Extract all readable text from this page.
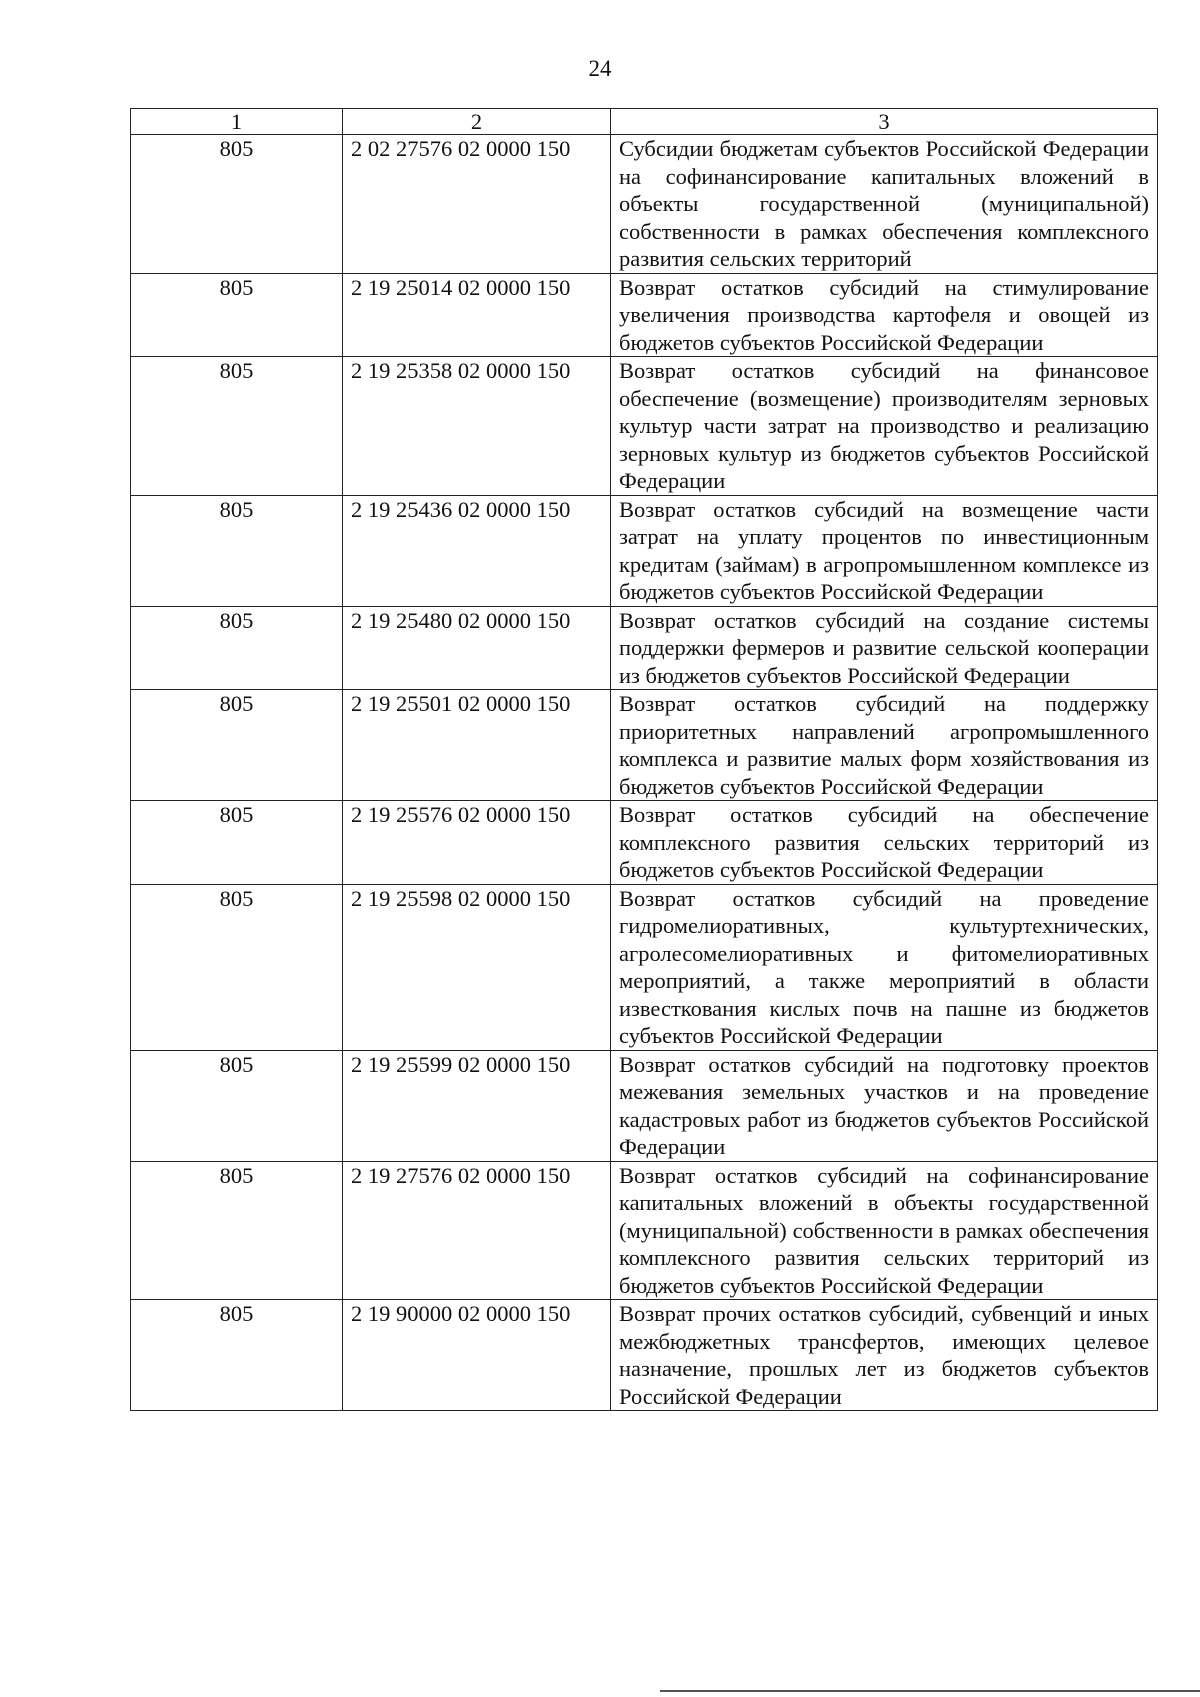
24
1	2	3
805	2 02 27576 02 0000 150	Субсидии бюджетам субъектов Российской Федерации на софинансирование капитальных вложений в объекты государственной (муниципальной) собственности в рамках обеспечения комплексного развития сельских территорий
805	2 19 25014 02 0000 150	Возврат остатков субсидий на стимулирование увеличения производства картофеля и овощей из бюджетов субъектов Российской Федерации
805	2 19 25358 02 0000 150	Возврат остатков субсидий на финансовое обеспечение (возмещение) производителям зерновых культур части затрат на производство и реализацию зерновых культур из бюджетов субъектов Российской Федерации
805	2 19 25436 02 0000 150	Возврат остатков субсидий на возмещение части затрат на уплату процентов по инвестиционным кредитам (займам) в агропромышленном комплексе из бюджетов субъектов Российской Федерации
805	2 19 25480 02 0000 150	Возврат остатков субсидий на создание системы поддержки фермеров и развитие сельской кооперации из бюджетов субъектов Российской Федерации
805	2 19 25501 02 0000 150	Возврат остатков субсидий на поддержку приоритетных направлений агропромышленного комплекса и развитие малых форм хозяйствования из бюджетов субъектов Российской Федерации
805	2 19 25576 02 0000 150	Возврат остатков субсидий на обеспечение комплексного развития сельских территорий из бюджетов субъектов Российской Федерации
805	2 19 25598 02 0000 150	Возврат остатков субсидий на проведение гидромелиоративных, культуртехнических, агролесомелиоративных и фитомелиоративных мероприятий, а также мероприятий в области известкования кислых почв на пашне из бюджетов субъектов Российской Федерации
805	2 19 25599 02 0000 150	Возврат остатков субсидий на подготовку проектов межевания земельных участков и на проведение кадастровых работ из бюджетов субъектов Российской Федерации
805	2 19 27576 02 0000 150	Возврат остатков субсидий на софинансирование капитальных вложений в объекты государственной (муниципальной) собственности в рамках обеспечения комплексного развития сельских территорий из бюджетов субъектов Российской Федерации
805	2 19 90000 02 0000 150	Возврат прочих остатков субсидий, субвенций и иных межбюджетных трансфертов, имеющих целевое назначение, прошлых лет из бюджетов субъектов Российской Федерации
